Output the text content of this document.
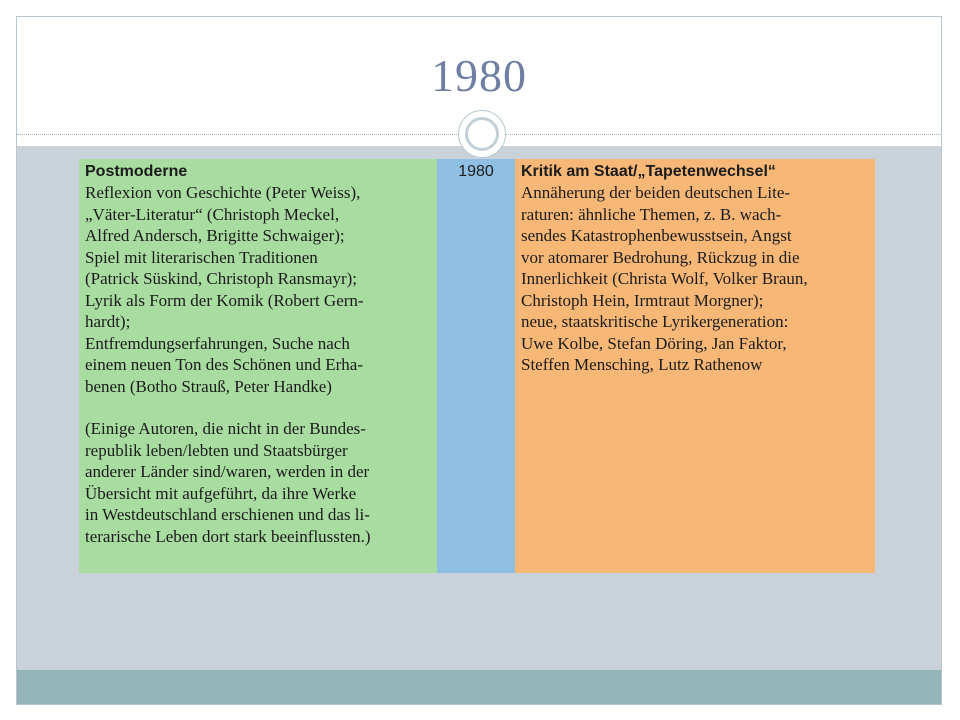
1980

Postmoderne

Reflexion von Geschichte (Peter Weiss),

„Väter-Literatur“ (Christoph Meckel,

Alfred Andersch, Brigitte Schwaiger);

Spiel mit literarischen Traditionen

(Patrick Süskind, Christoph Ransmayr);

Lyrik als Form der Komik (Robert Gern-

hardt);

Entfremdungserfahrungen, Suche nach

einem neuen Ton des Schönen und Erha-

benen (Botho Strauß, Peter Handke)

(Einige Autoren, die nicht in der Bundes-

republik leben/lebten und Staatsbürger

anderer Länder sind/waren, werden in der

Übersicht mit aufgeführt, da ihre Werke

in Westdeutschland erschienen und das li-

terarische Leben dort stark beeinflussten.)

1980	Kritik am Staat/„Tapetenwechsel“

Annäherung der beiden deutschen Lite-

raturen: ähnliche Themen, z. B. wach-

sendes Katastrophenbewusstsein, Angst

vor atomarer Bedrohung, Rückzug in die

Innerlichkeit (Christa Wolf, Volker Braun,

Christoph Hein, Irmtraut Morgner);

neue, staatskritische Lyrikergeneration:

Uwe Kolbe, Stefan Döring, Jan Faktor,

Steffen Mensching, Lutz Rathenow
